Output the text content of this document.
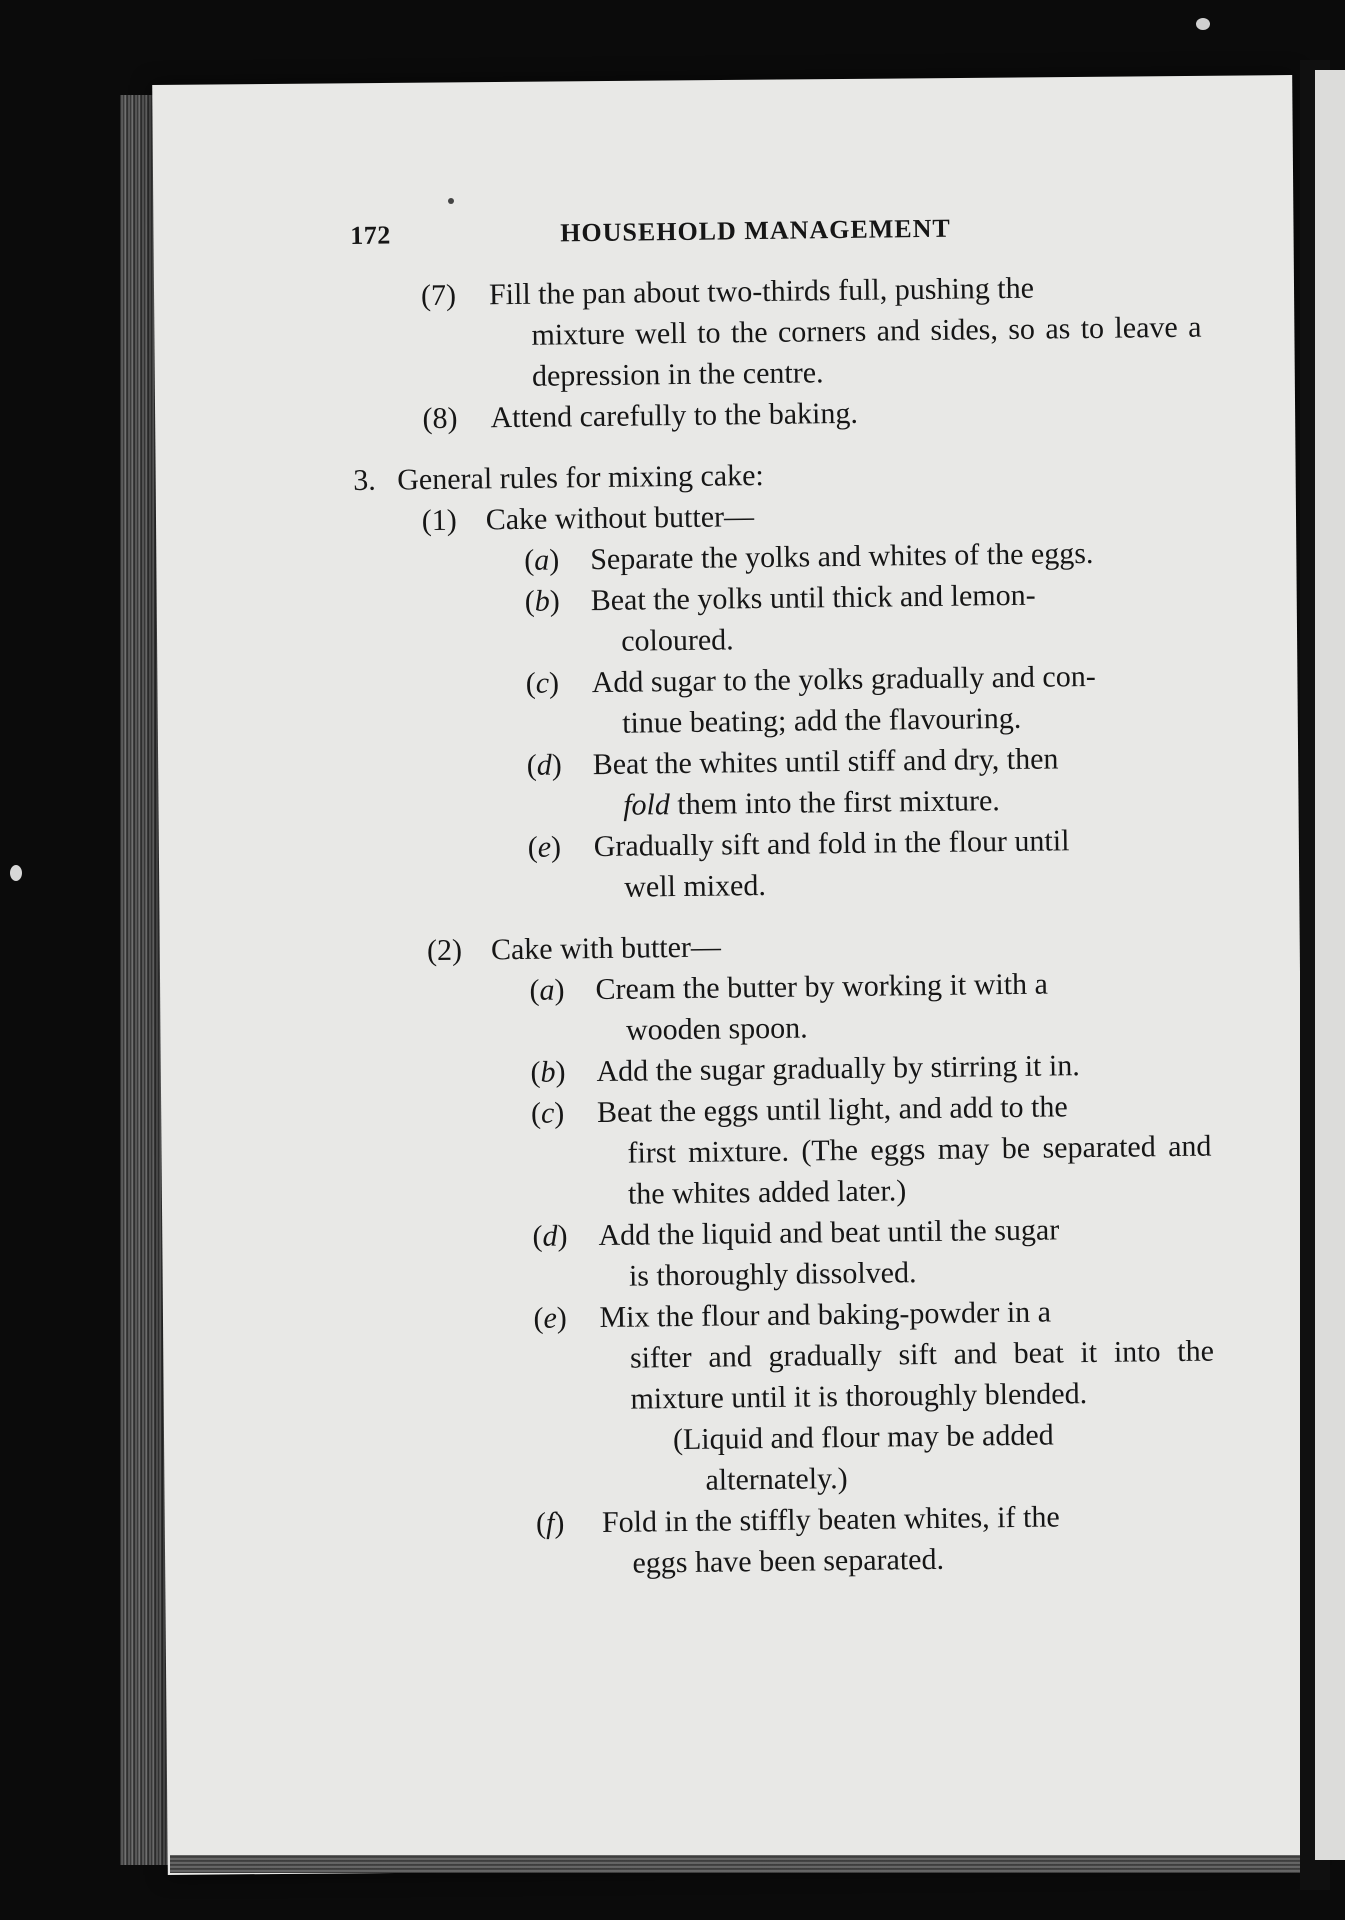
172	HOUSEHOLD MANAGEMENT
(7)	Fill the pan about two-thirds full, pushing the
mixture well to the corners and sides, so as to leave a depression in the centre.
(8)	Attend carefully to the baking.
3. General rules for mixing cake:
(1) Cake without butter—
(a)	Separate the yolks and whites of the eggs.
(b)	Beat the yolks until thick and lemon-
coloured.
(c)	Add sugar to the yolks gradually and con-
tinue beating; add the flavouring.
(d)	Beat the whites until stiff and dry, then
fold them into the first mixture.
(e)	Gradually sift and fold in the flour until
well mixed.
(2) Cake with butter—
(a)	Cream the butter by working it with a
wooden spoon.
(b)	Add the sugar gradually by stirring it in.
(c)	Beat the eggs until light, and add to the
first mixture. (The eggs may be separated and the whites added later.)
(d)	Add the liquid and beat until the sugar
is thoroughly dissolved.
(e)	Mix the flour and baking-powder in a
sifter and gradually sift and beat it into the mixture until it is thoroughly blended.
(Liquid and flour may be added
alternately.)
(f)	Fold in the stiffly beaten whites, if the
eggs have been separated.
